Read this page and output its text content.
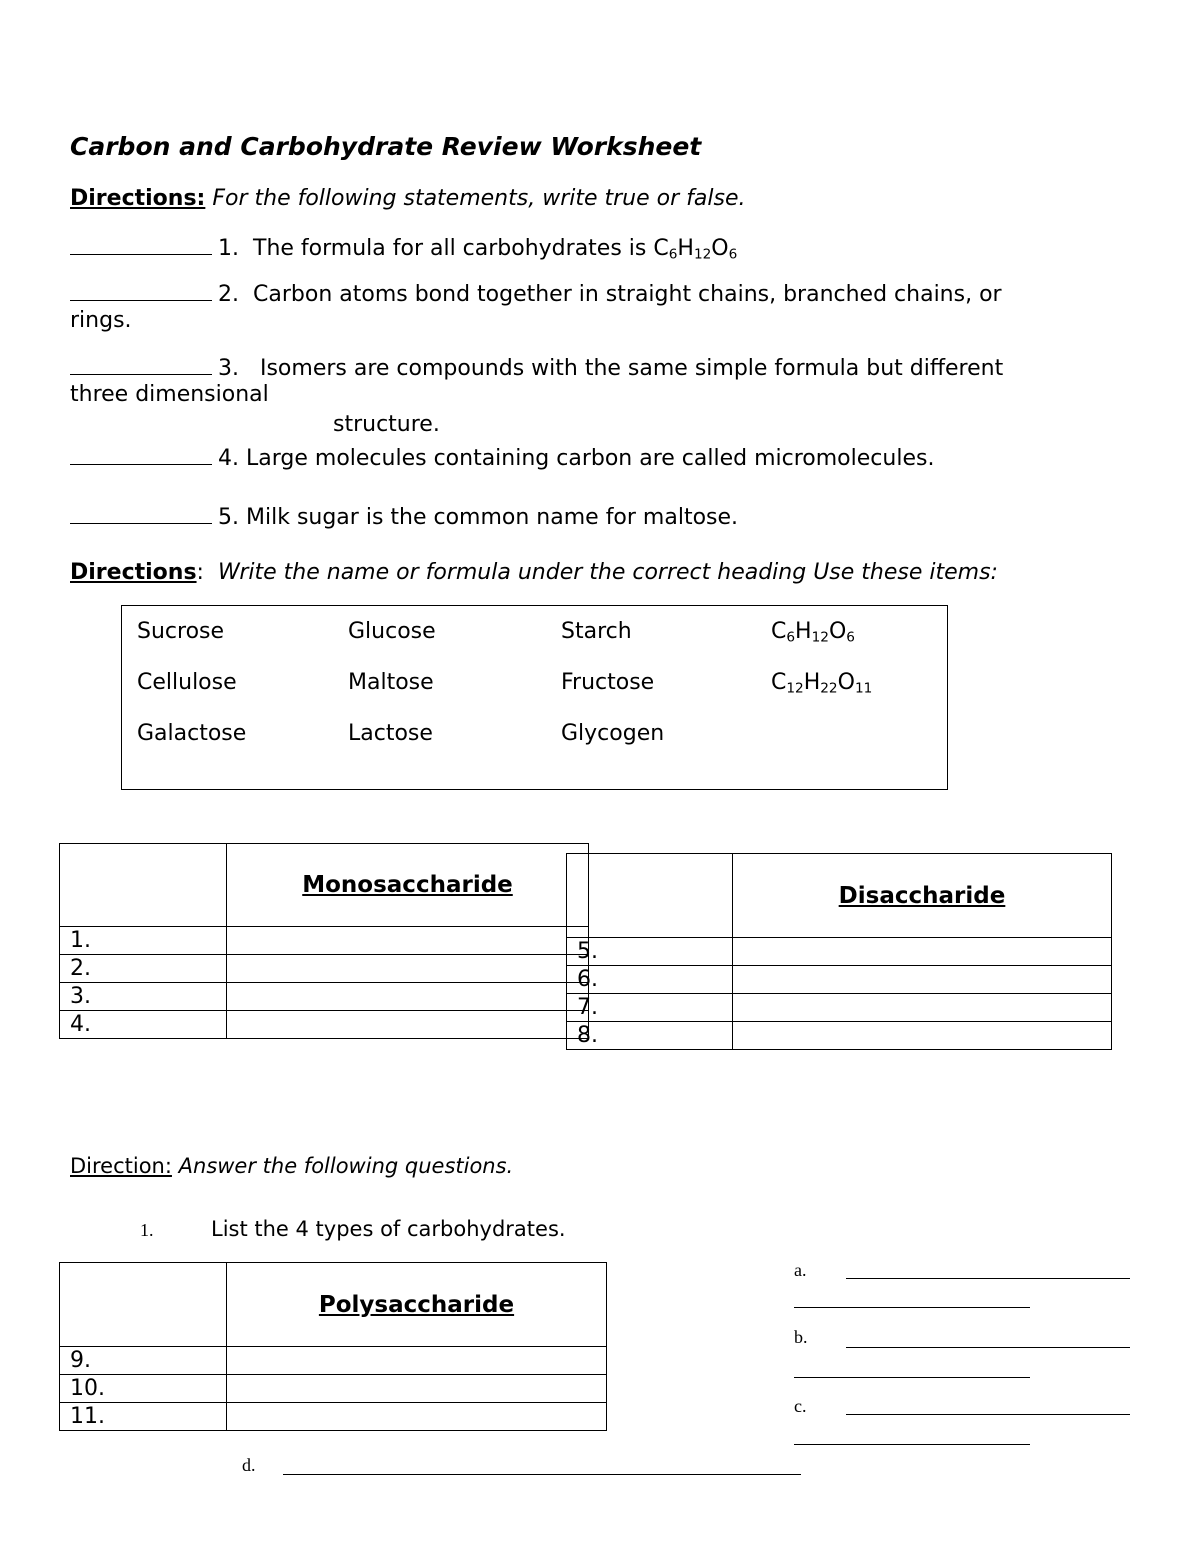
Carbon and Carbohydrate Review Worksheet
Directions: For the following statements, write true or false.
1. The formula for all carbohydrates is $C_6H_{12}O_6$
2. Carbon atoms bond together in straight chains, branched chains, or
rings.
3. Isomers are compounds with the same simple formula but different
three dimensional
structure.
4. Large molecules containing carbon are called micromolecules.
5. Milk sugar is the common name for maltose.
Directions: Write the name or formula under the correct heading Use these items:
Sucrose	Glucose	Starch	$C_6H_{12}O_6$
Cellulose	Maltose	Fructose	$C_{12}H_{22}O_{11}$
Galactose	Lactose	Glycogen
	Monosaccharide
1.	
2.	
3.	
4.	
	Disaccharide
5.	
6.	
7.	
8.	
Direction: Answer the following questions.
1.	List the 4 types of carbohydrates.
	Polysaccharide
9.	
10.	
11.	
a.
b.
c.
d.
